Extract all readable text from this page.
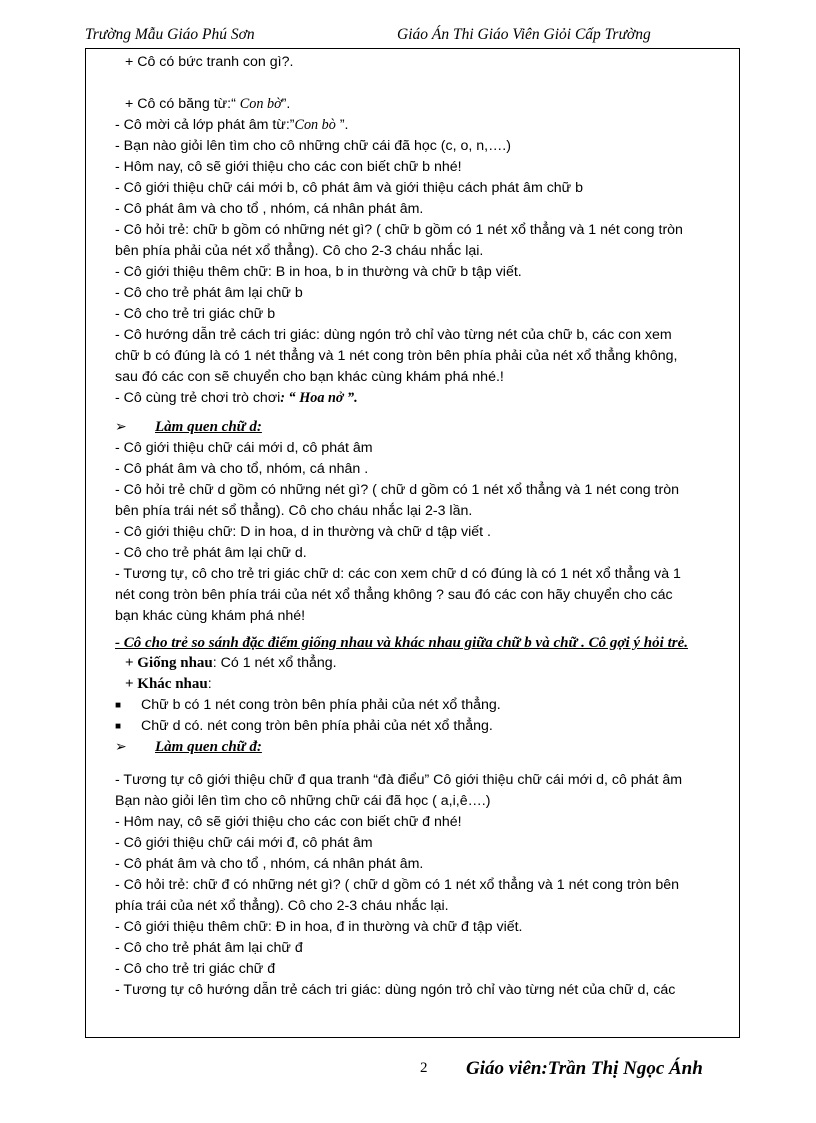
Trường Mẫu Giáo Phú Sơn	Giáo Án Thi Giáo Viên Giỏi Cấp Trường
+ Cô có bức tranh con gì?.
+ Cô có băng từ:“ Con bờ”.
- Cô mời cả lớp phát âm từ:”Con bò ”.
- Bạn nào giỏi lên tìm cho cô những chữ cái đã học (c, o, n,….)
- Hôm nay, cô sẽ giới thiệu cho các con biết chữ b nhé!
- Cô giới thiệu chữ cái mới b, cô phát âm và giới thiệu cách phát âm chữ b
- Cô phát âm và cho tổ , nhóm, cá nhân phát âm.
- Cô hỏi trẻ: chữ b gồm có những nét gì? ( chữ b gồm có 1 nét xổ thẳng và 1 nét cong tròn
bên phía phải của nét xổ thẳng). Cô cho 2-3 cháu nhắc lại.
- Cô giới thiệu thêm chữ: B in hoa, b in thường và chữ b tập viết.
- Cô cho trẻ phát âm lại chữ b
- Cô cho trẻ tri giác chữ b
- Cô hướng dẫn trẻ cách tri giác: dùng ngón trỏ chỉ vào từng nét của chữ b, các con xem
chữ b có đúng là có 1 nét thẳng và 1 nét cong tròn bên phía phải của nét xổ thẳng không,
sau đó các con sẽ chuyển cho bạn khác cùng khám phá nhé.!
- Cô cùng trẻ chơi trò chơi: “ Hoa nở ”.
➢ Làm quen chữ d:
- Cô giới thiệu chữ cái mới d, cô phát âm
- Cô phát âm và cho tổ, nhóm, cá nhân .
- Cô hỏi trẻ chữ d gồm có những nét gì? ( chữ d gồm có 1 nét xổ thẳng và 1 nét cong tròn
bên phía trái nét sổ thẳng). Cô cho cháu nhắc lại 2-3 lần.
- Cô giới thiệu chữ: D in hoa, d in thường và chữ d tập viết .
- Cô cho trẻ phát âm lại chữ d.
- Tương tự, cô cho trẻ tri giác chữ d: các con xem chữ d có đúng là có 1 nét xổ thẳng và 1
nét cong tròn bên phía trái của nét xổ thẳng không ? sau đó các con hãy chuyển cho các
bạn khác cùng khám phá nhé!
- Cô cho trẻ so sánh đặc điểm giống nhau và khác nhau giữa chữ b và chữ . Cô gợi ý hỏi trẻ.
+ Giống nhau: Có 1 nét xổ thẳng.
+ Khác nhau:
■ Chữ b có 1 nét cong tròn bên phía phải của nét xổ thẳng.
■ Chữ d có. nét cong tròn bên phía phải của nét xổ thẳng.
➢ Làm quen chữ đ:
- Tương tự cô giới thiệu chữ đ qua tranh “đà điểu” Cô giới thiệu chữ cái mới d, cô phát âm
Bạn nào giỏi lên tìm cho cô những chữ cái đã học ( a,i,ê….)
- Hôm nay, cô sẽ giới thiệu cho các con biết chữ đ nhé!
- Cô giới thiệu chữ cái mới đ, cô phát âm
- Cô phát âm và cho tổ , nhóm, cá nhân phát âm.
- Cô hỏi trẻ: chữ đ có những nét gì? ( chữ d gồm có 1 nét xổ thẳng và 1 nét cong tròn bên
phía trái của nét xổ thẳng). Cô cho 2-3 cháu nhắc lại.
- Cô giới thiệu thêm chữ: Đ in hoa, đ in thường và chữ đ tập viết.
- Cô cho trẻ phát âm lại chữ đ
- Cô cho trẻ tri giác chữ đ
- Tương tự cô hướng dẫn trẻ cách tri giác: dùng ngón trỏ chỉ vào từng nét của chữ d, các
2 Giáo viên:Trần Thị Ngọc Ánh
